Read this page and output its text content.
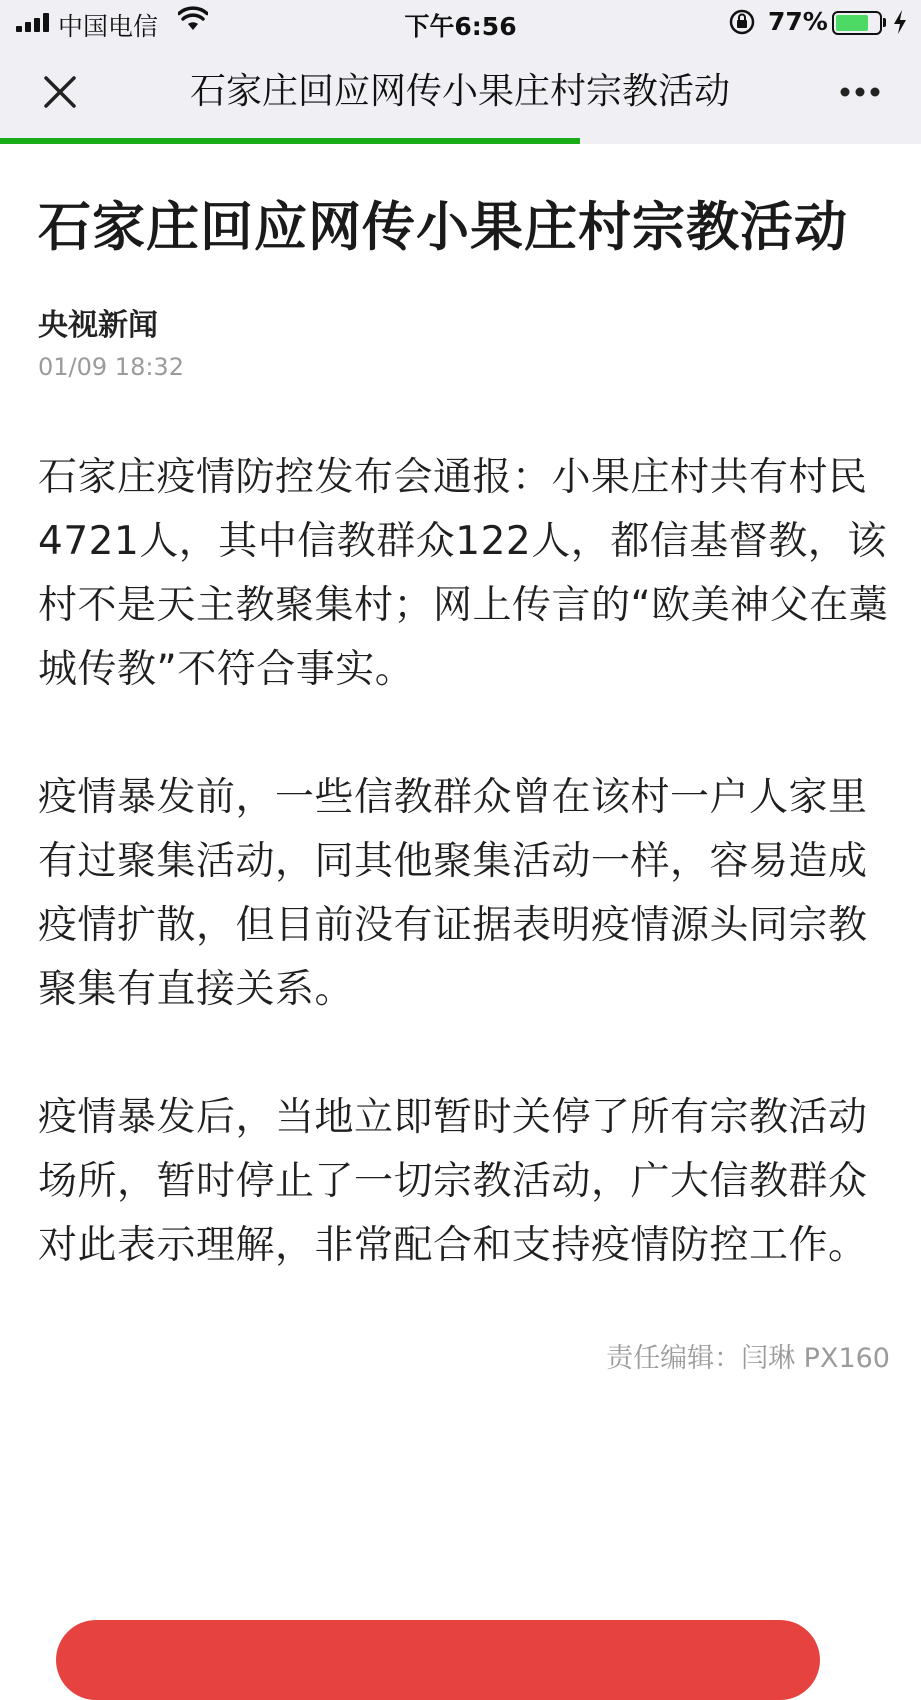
中国电信	下午6:56	77%
石家庄回应网传小果庄村宗教活动
石家庄回应网传小果庄村宗教活动
央视新闻
01/09 18:32

石家庄疫情防控发布会通报：小果庄村共有村民4721人，其中信教群众122人，都信基督教，该村不是天主教聚集村；网上传言的“欧美神父在藁城传教”不符合事实。

疫情暴发前，一些信教群众曾在该村一户人家里有过聚集活动，同其他聚集活动一样，容易造成疫情扩散，但目前没有证据表明疫情源头同宗教聚集有直接关系。

疫情暴发后，当地立即暂时关停了所有宗教活动场所，暂时停止了一切宗教活动，广大信教群众对此表示理解，非常配合和支持疫情防控工作。

责任编辑：闫琳 PX160
